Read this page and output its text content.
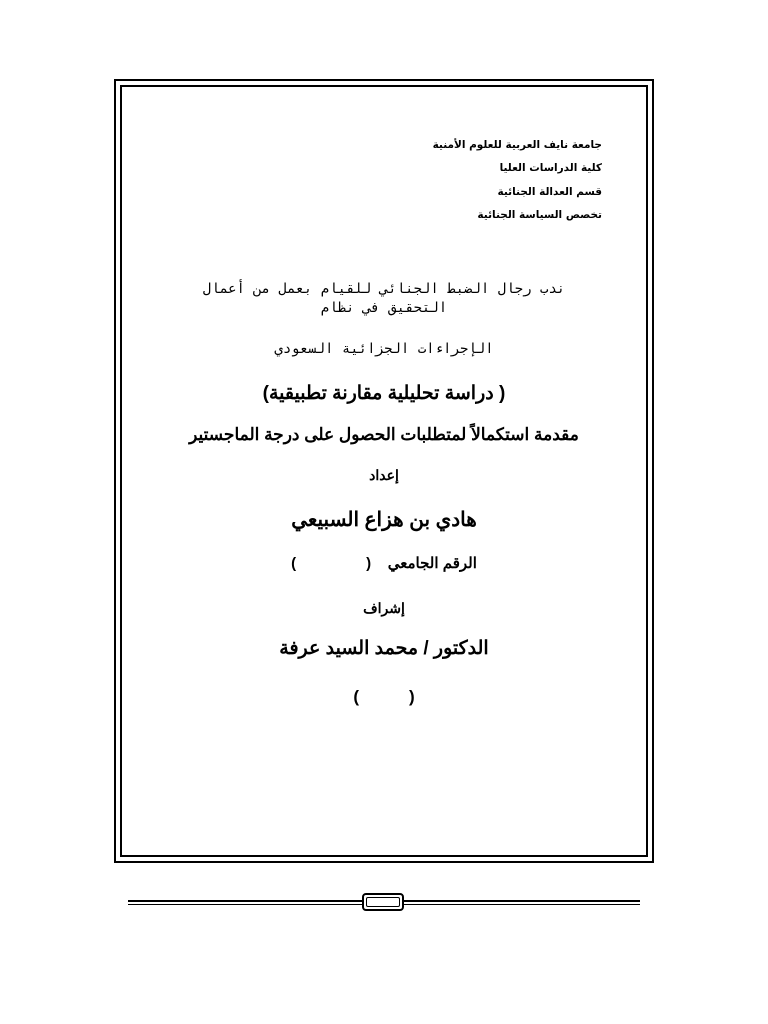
جامعة نايف العربية للعلوم الأمنية
كلية الدراسات العليا
قسم العدالة الجنائية
تخصص السياسة الجنائية
ندب رجال الضبط الجنائي للقيام بعمل من أعمال
التحقيق في نظام
الإجراءات الجزائية السعودي
( دراسة تحليلية مقارنة تطبيقية)
مقدمة استكمالاً لمتطلبات الحصول على درجة الماجستير
إعداد
هادي بن هزاع السبيعي
الرقم الجامعي    ()
إشراف
الدكتور / محمد السيد عرفة
()
